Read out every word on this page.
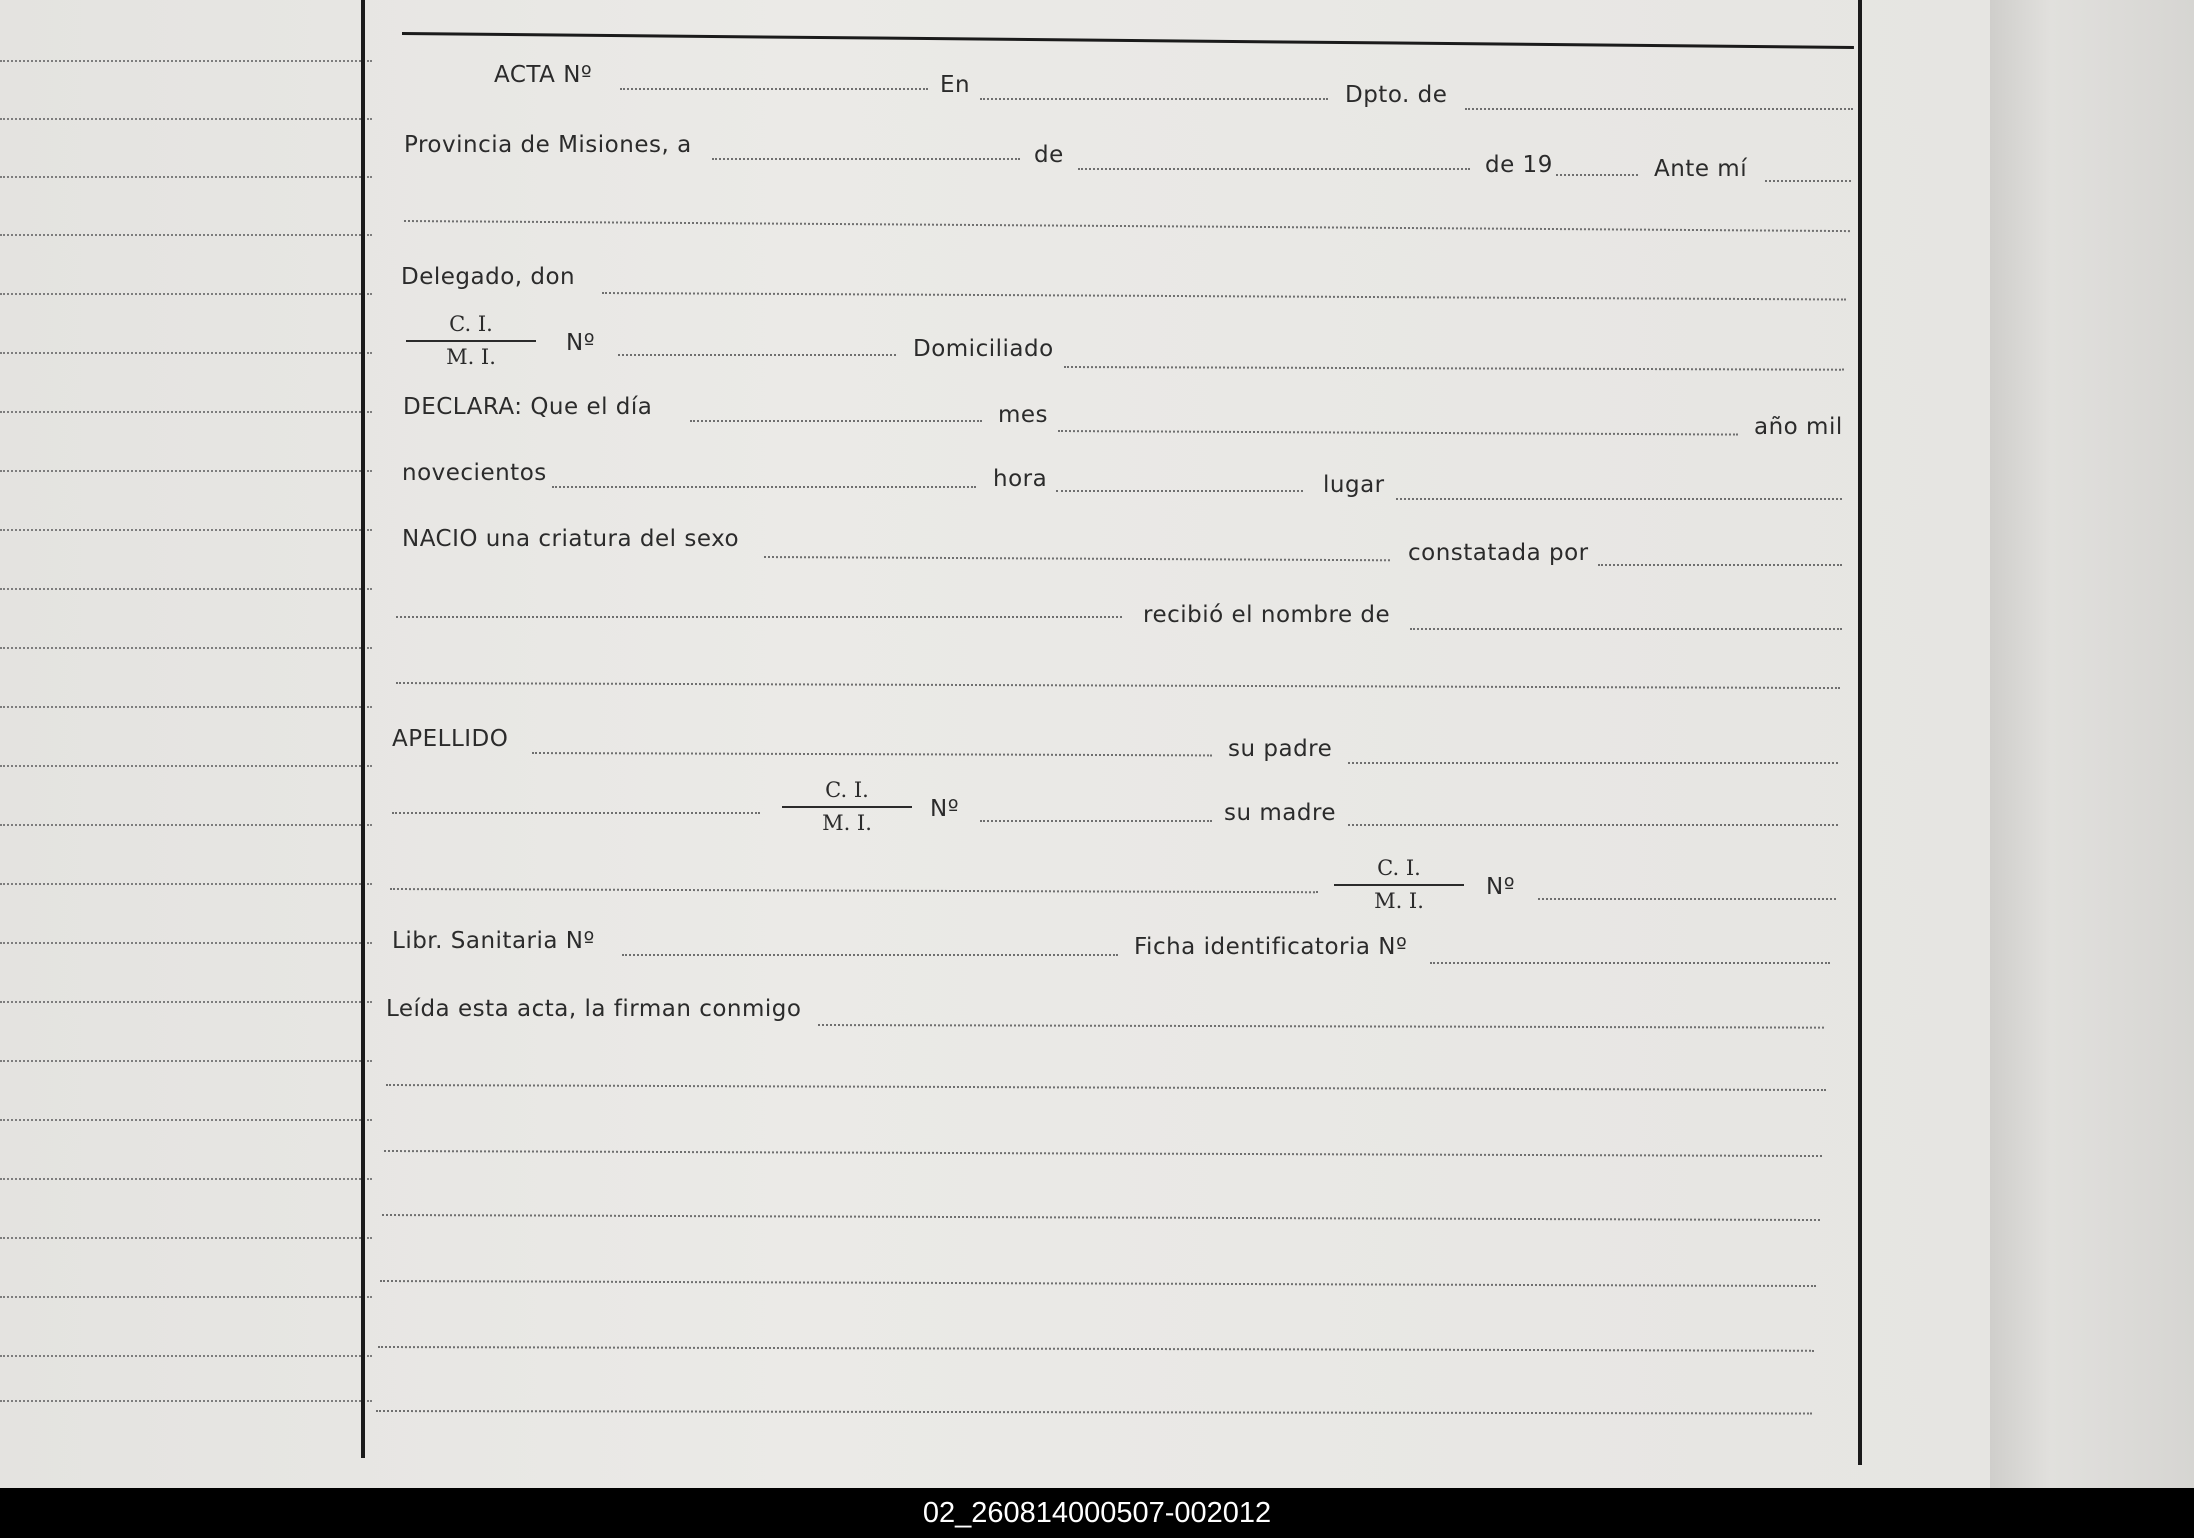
ACTA Nº	En	Dpto. de
Provincia de Misiones, a	de	de 19	Ante mí
Delegado, don
$\frac{C. I.}{M. I.}$ Nº	Domiciliado
DECLARA: Que el día	mes	año mil
novecientos	hora	lugar
NACIO una criatura del sexo
constatada por
recibió el nombre de
APELLIDO	su padre
$\frac{C. I.}{M. I.}$ Nº	su madre
$\frac{C. I.}{M. I.}$ Nº
Libr. Sanitaria Nº	Ficha identificatoria Nº
Leída esta acta, la firman conmigo
02_260814000507-002012
